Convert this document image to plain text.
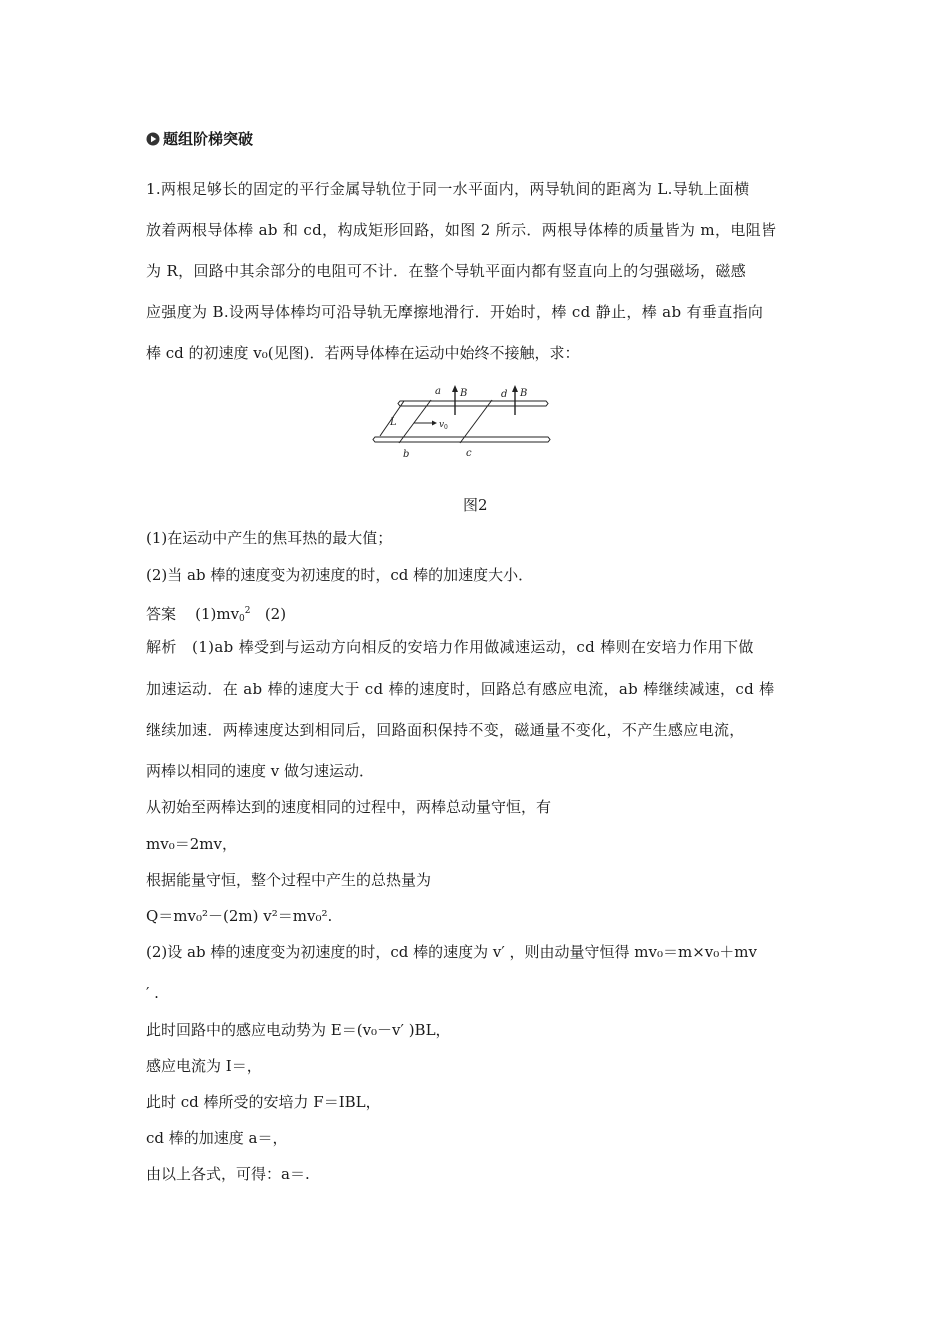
题组阶梯突破
1.两根足够长的固定的平行金属导轨位于同一水平面内，两导轨间的距离为 L.导轨上面横
放着两根导体棒 ab 和 cd，构成矩形回路，如图 2 所示．两根导体棒的质量皆为 m，电阻皆
为 R，回路中其余部分的电阻可不计．在整个导轨平面内都有竖直向上的匀强磁场，磁感
应强度为 B.设两导体棒均可沿导轨无摩擦地滑行．开始时，棒 cd 静止，棒 ab 有垂直指向
棒 cd 的初速度 v₀(见图)．若两导体棒在运动中始终不接触，求：
a B	d B
L	v 0
b	c
图2
(1)在运动中产生的焦耳热的最大值；
(2)当 ab 棒的速度变为初速度的时，cd 棒的加速度大小．
答案 $(1)mv_0^2$ (2)
解析　(1)ab 棒受到与运动方向相反的安培力作用做减速运动，cd 棒则在安培力作用下做
加速运动．在 ab 棒的速度大于 cd 棒的速度时，回路总有感应电流，ab 棒继续减速，cd 棒
继续加速．两棒速度达到相同后，回路面积保持不变，磁通量不变化，不产生感应电流，
两棒以相同的速度 v 做匀速运动．
从初始至两棒达到的速度相同的过程中，两棒总动量守恒，有
mv₀＝2mv，
根据能量守恒，整个过程中产生的总热量为
Q＝mv₀²－(2m) v²＝mv₀².
(2)设 ab 棒的速度变为初速度的时，cd 棒的速度为 v′ ，则由动量守恒得 mv₀＝m×v₀＋mv
′ .
此时回路中的感应电动势为 E＝(v₀－v′ )BL，
感应电流为 I＝，
此时 cd 棒所受的安培力 F＝IBL，
cd 棒的加速度 a＝，
由以上各式，可得：a＝.
